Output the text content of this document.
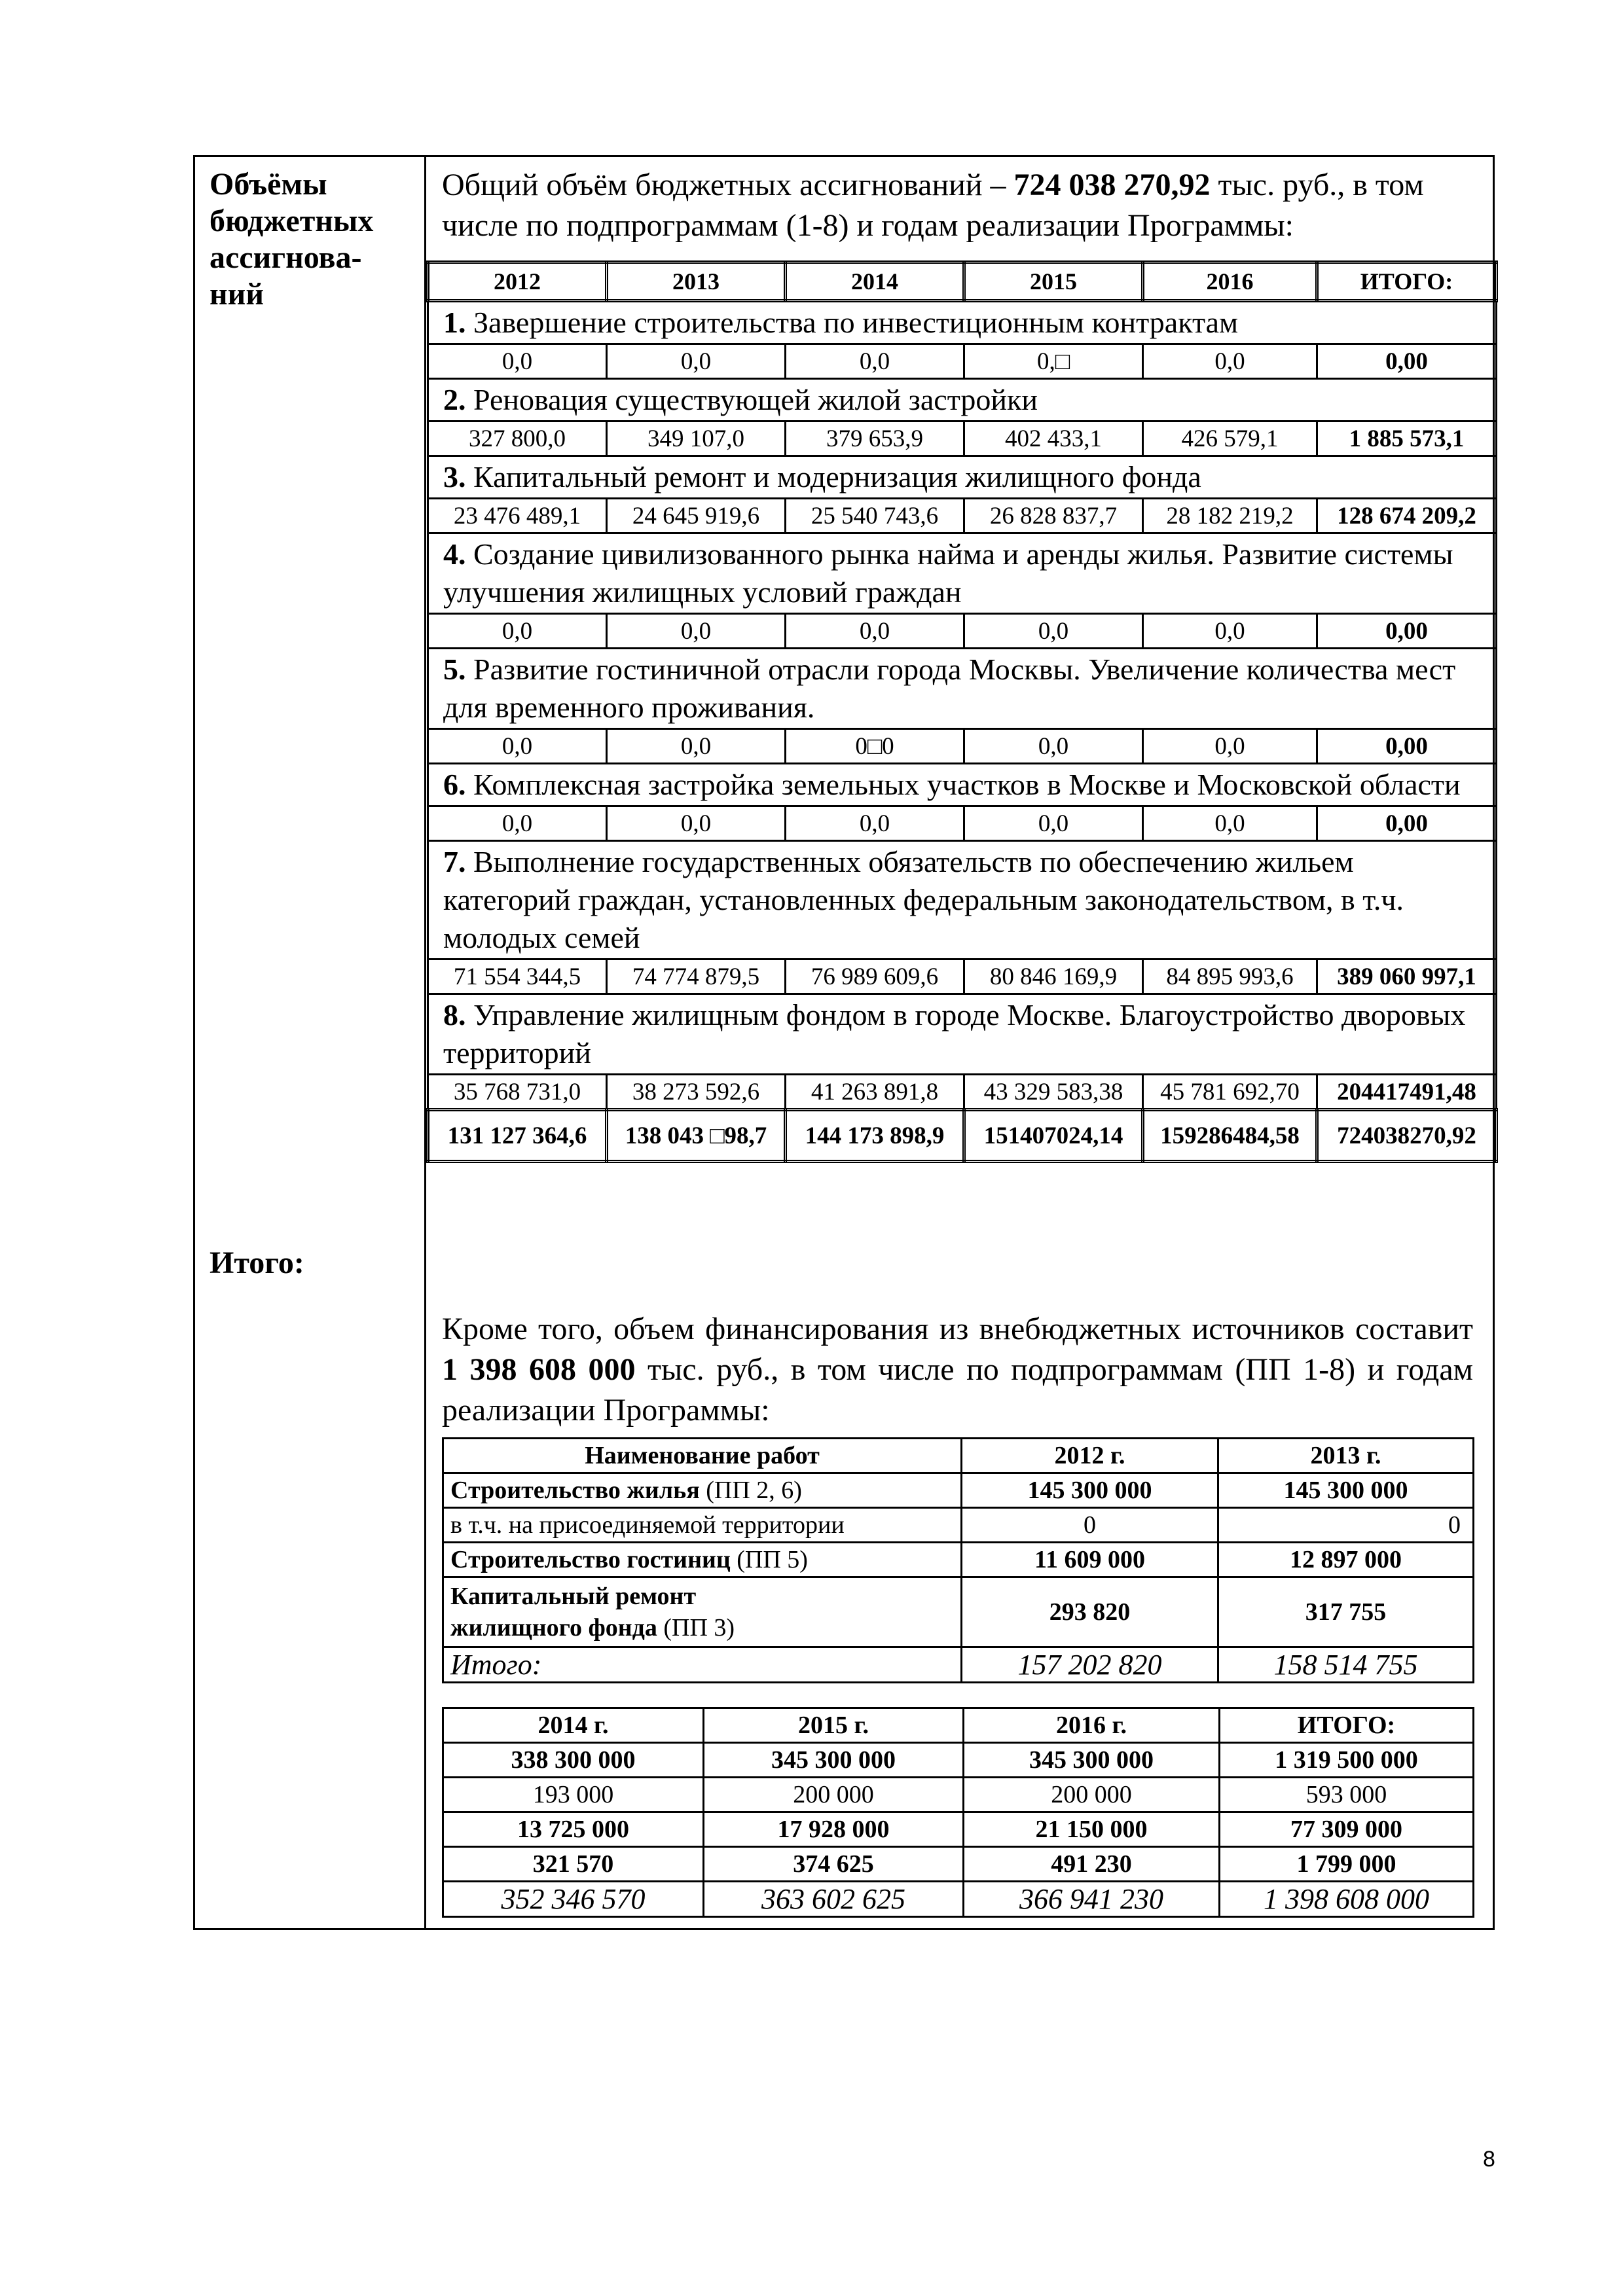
Объёмы
бюджетных
ассигнова-
ний
Итого:
Общий объём бюджетных ассигнований – 724 038 270,92 тыс. руб., в том числе по подпрограммам (1-8) и годам реализации Программы:
2012	2013	2014	2015	2016	ИТОГО:
1. Завершение строительства по инвестиционным контрактам					
0,0	0,0	0,0	0,□	0,0	0,00
2. Реновация существующей жилой застройки					
327 800,0	349 107,0	379 653,9	402 433,1	426 579,1	1 885 573,1
3. Капитальный ремонт и модернизация жилищного фонда					
23 476 489,1	24 645 919,6	25 540 743,6	26 828 837,7	28 182 219,2	128 674 209,2
4. Создание цивилизованного рынка найма и аренды жилья. Развитие системы улучшения жилищных условий граждан					
0,0	0,0	0,0	0,0	0,0	0,00
5. Развитие гостиничной отрасли города Москвы. Увеличение количества мест для временного проживания.					
0,0	0,0	0□0	0,0	0,0	0,00
6. Комплексная застройка земельных участков в Москве и Московской области					
0,0	0,0	0,0	0,0	0,0	0,00
7. Выполнение государственных обязательств по обеспечению жильем категорий граждан, установленных федеральным законодательством, в т.ч. молодых семей					
71 554 344,5	74 774 879,5	76 989 609,6	80 846 169,9	84 895 993,6	389 060 997,1
8. Управление жилищным фондом в городе Москве. Благоустройство дворовых территорий					
35 768 731,0	38 273 592,6	41 263 891,8	43 329 583,38	45 781 692,70	204417491,48
131 127 364,6	138 043 □98,7	144 173 898,9	151407024,14	159286484,58	724038270,92
Кроме того, объем финансирования из внебюджетных источников составит 1 398 608 000 тыс. руб., в том числе по подпрограммам (ПП 1-8) и годам реализации Программы:
Наименование работ	2012 г.	2013 г.
Строительство жилья (ПП 2, 6)	145 300 000	145 300 000
в т.ч. на присоединяемой территории	0	0
Строительство гостиниц (ПП 5)	11 609 000	12 897 000
Капитальный ремонт жилищного фонда (ПП 3)	293 820	317 755
Итого:	157 202 820	158 514 755
2014 г.	2015 г.	2016 г.	ИТОГО:
338 300 000	345 300 000	345 300 000	1 319 500 000
193 000	200 000	200 000	593 000
13 725 000	17 928 000	21 150 000	77 309 000
321 570	374 625	491 230	1 799 000
352 346 570	363 602 625	366 941 230	1 398 608 000
8
